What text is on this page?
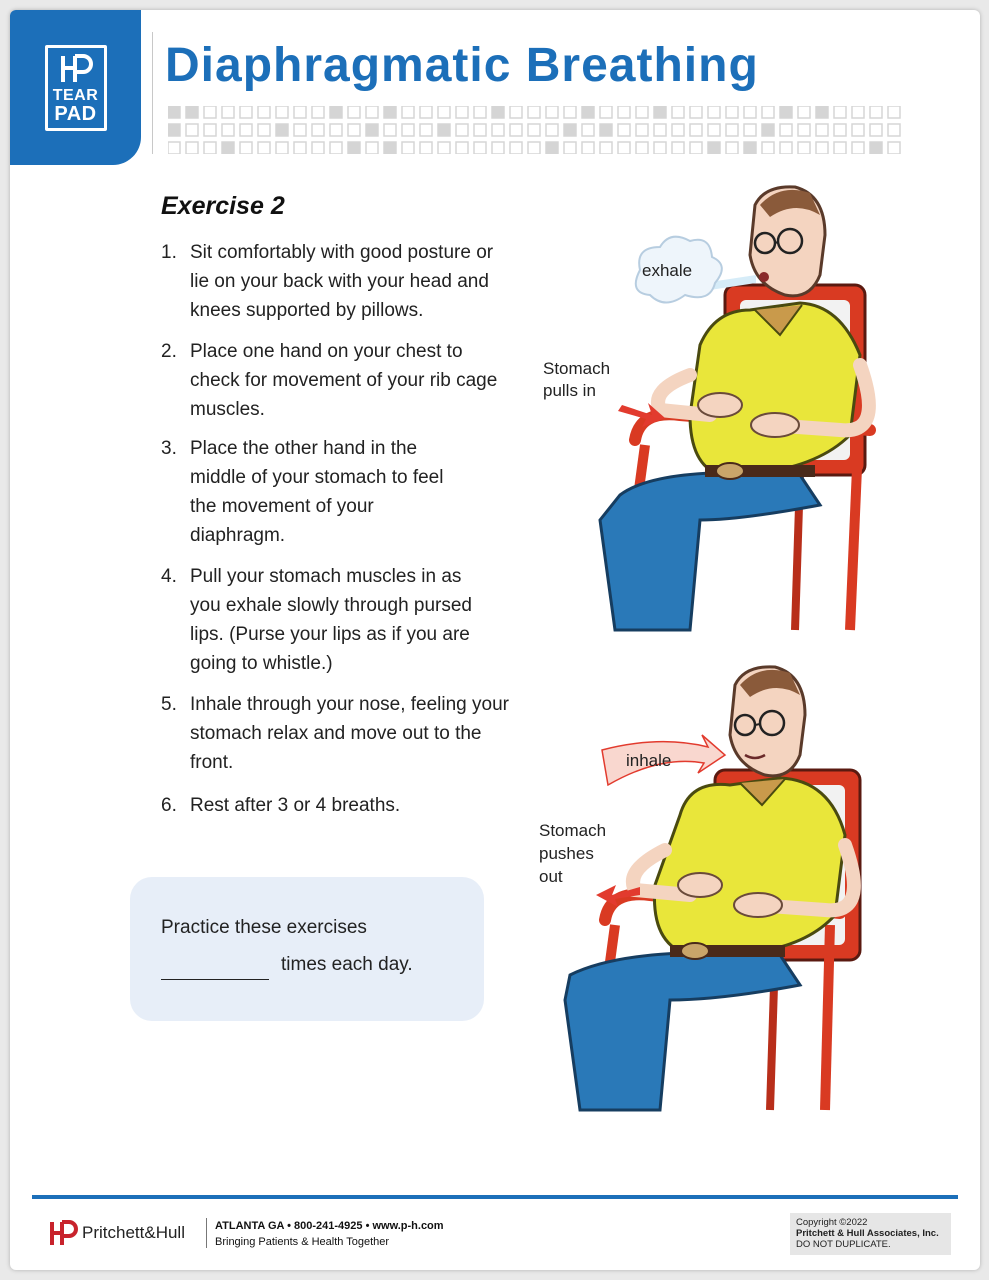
TEAR
PAD
Diaphragmatic Breathing
Exercise 2
1. Sit comfortably with good posture or lie on your back with your head and knees supported by pillows.
2. Place one hand on your chest to check for movement of your rib cage muscles.
3. Place the other hand in the middle of your stomach to feel the movement of your diaphragm.
4. Pull your stomach muscles in as you exhale slowly through pursed lips. (Purse your lips as if you are going to whistle.)
5. Inhale through your nose, feeling your stomach relax and move out to the front.
6. Rest after 3 or 4 breaths.
Practice these exercises
times each day.
exhale
Stomach
pulls in
inhale
Stomach
pushes
out
Pritchett&Hull	ATLANTA GA • 800-241-4925 • www.p-h.com
Bringing Patients & Health Together
Copyright ©2022
Pritchett & Hull Associates, Inc.
DO NOT DUPLICATE.
